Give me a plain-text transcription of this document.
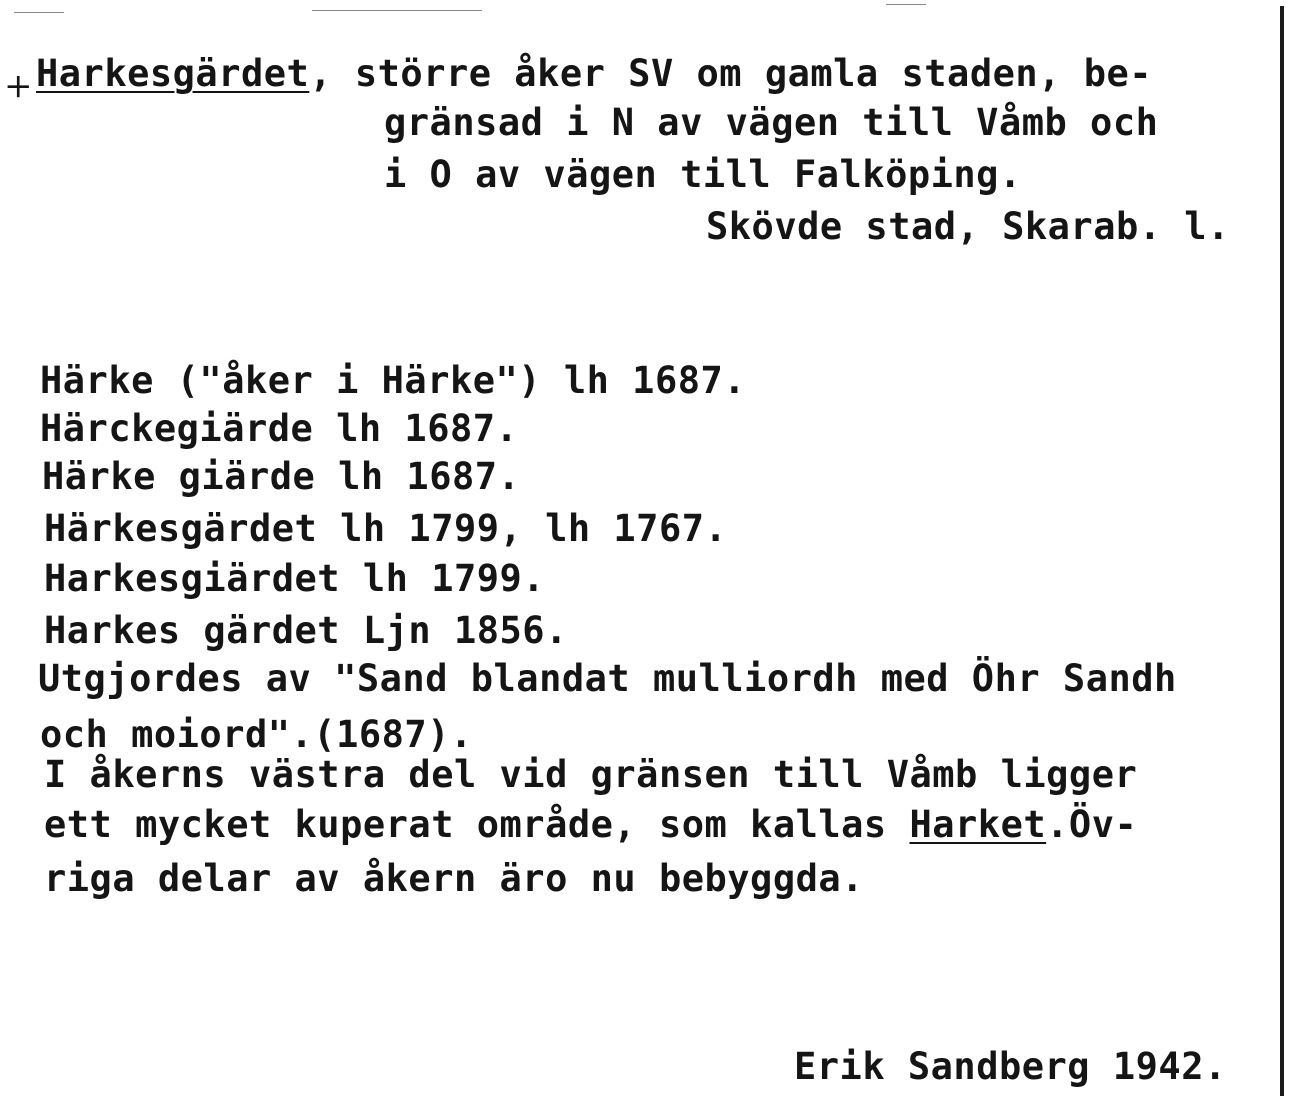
+ Harkesgärdet, större åker SV om gamla staden, be-
gränsad i N av vägen till Våmb och
i O av vägen till Falköping.
Skövde stad, Skarab. l.
Härke ("åker i Härke") lh 1687.
Härckegiärde lh 1687.
Härke giärde lh 1687.
Härkesgärdet lh 1799, lh 1767.
Harkesgiärdet lh 1799.
Harkes gärdet Ljn 1856.
Utgjordes av "Sand blandat mulliordh med Öhr Sandh
och moiord".(1687).
I åkerns västra del vid gränsen till Våmb ligger
ett mycket kuperat område, som kallas Harket.Öv-
riga delar av åkern äro nu bebyggda.
Erik Sandberg 1942.
